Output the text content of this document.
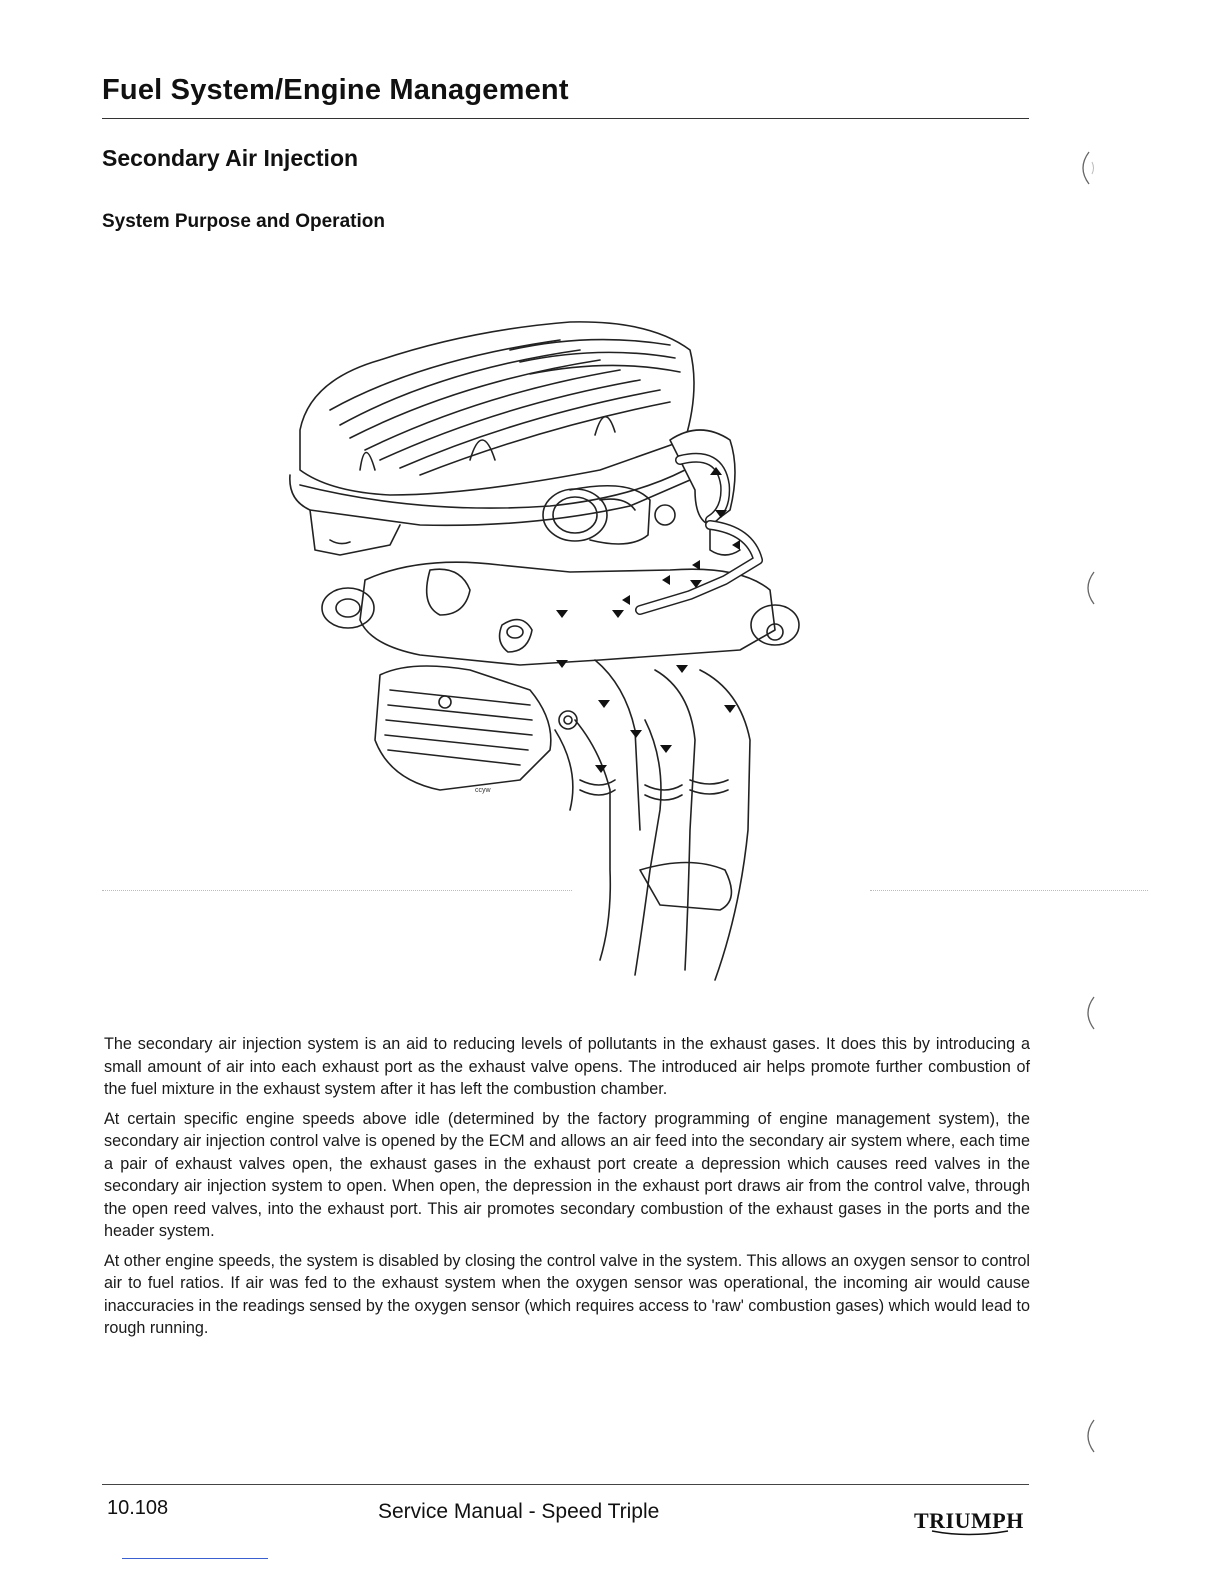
Fuel System/Engine Management
Secondary Air Injection
System Purpose and Operation
ccyw

The secondary air injection system is an aid to reducing levels of pollutants in the exhaust gases. It does this by introducing a small amount of air into each exhaust port as the exhaust valve opens. The introduced air helps promote further combustion of the fuel mixture in the exhaust system after it has left the combustion chamber.

At certain specific engine speeds above idle (determined by the factory programming of engine management system), the secondary air injection control valve is opened by the ECM and allows an air feed into the secondary air system where, each time a pair of exhaust valves open, the exhaust gases in the exhaust port create a depression which causes reed valves in the secondary air injection system to open. When open, the depression in the exhaust port draws air from the control valve, through the open reed valves, into the exhaust port. This air promotes secondary combustion of the exhaust gases in the ports and the header system.

At other engine speeds, the system is disabled by closing the control valve in the system. This allows an oxygen sensor to control air to fuel ratios. If air was fed to the exhaust system when the oxygen sensor was operational, the incoming air would cause inaccuracies in the readings sensed by the oxygen sensor (which requires access to 'raw' combustion gases) which would lead to rough running.

10.108	Service Manual - Speed Triple	TRIUMPH
